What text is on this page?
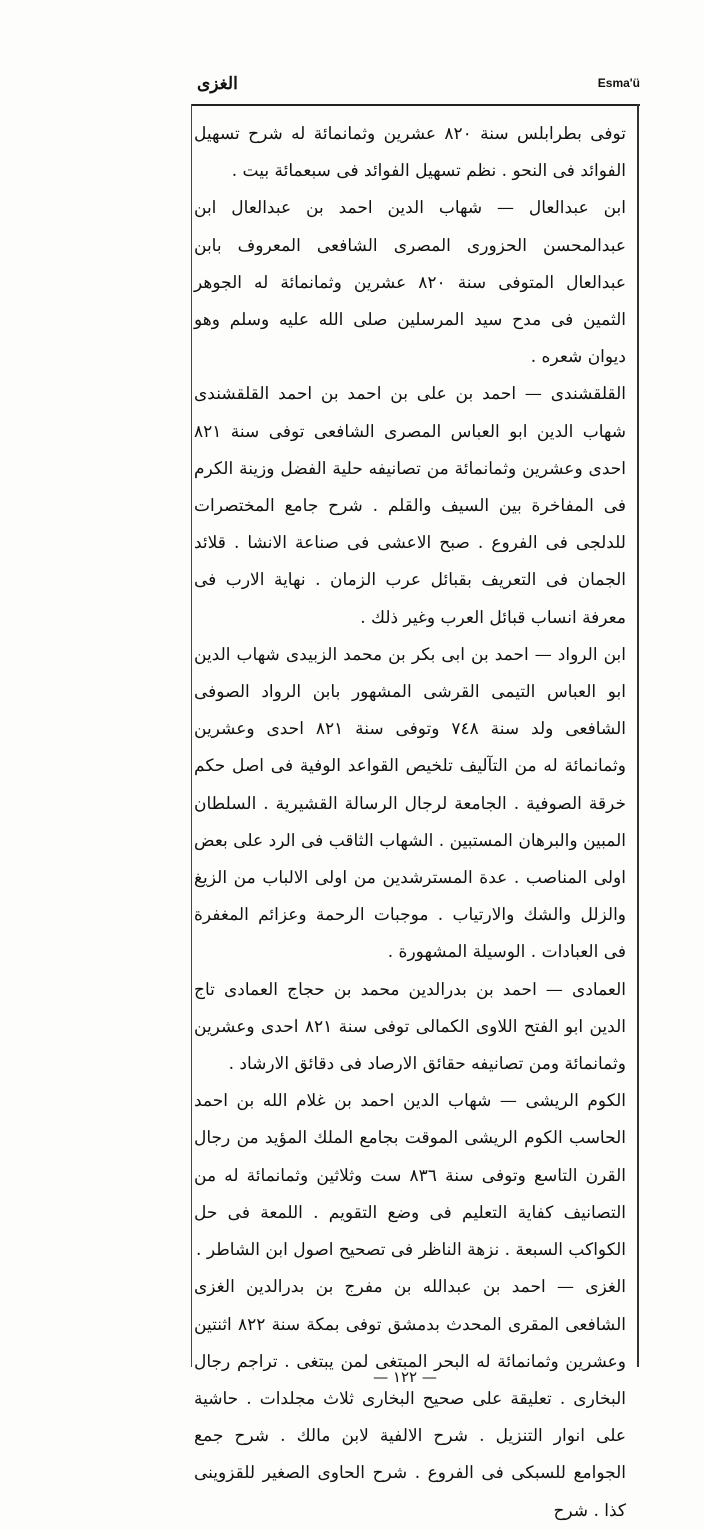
الغزى	Esma'ü

توفى بطرابلس سنة ٨٢٠ عشرين وثمانمائة له شرح تسهيل الفوائد فى النحو . نظم تسهيل الفوائد فى سبعمائة بيت .

ابن عبدالعال — شهاب الدين احمد بن عبدالعال ابن عبدالمحسن الحزورى المصرى الشافعى المعروف بابن عبدالعال المتوفى سنة ٨٢٠ عشرين وثمانمائة له الجوهر الثمين فى مدح سيد المرسلين صلى الله عليه وسلم وهو ديوان شعره .

القلقشندى — احمد بن على بن احمد بن احمد القلقشندى شهاب الدين ابو العباس المصرى الشافعى توفى سنة ٨٢١ احدى وعشرين وثمانمائة من تصانيفه حلية الفضل وزينة الكرم فى المفاخرة بين السيف والقلم . شرح جامع المختصرات للدلجى فى الفروع . صبح الاعشى فى صناعة الانشا . قلائد الجمان فى التعريف بقبائل عرب الزمان . نهاية الارب فى معرفة انساب قبائل العرب وغير ذلك .

ابن الرواد — احمد بن ابى بكر بن محمد الزبيدى شهاب الدين ابو العباس التيمى القرشى المشهور بابن الرواد الصوفى الشافعى ولد سنة ٧٤٨ وتوفى سنة ٨٢١ احدى وعشرين وثمانمائة له من التآليف تلخيص القواعد الوفية فى اصل حكم خرقة الصوفية . الجامعة لرجال الرسالة القشيرية . السلطان المبين والبرهان المستبين . الشهاب الثاقب فى الرد على بعض اولى المناصب . عدة المسترشدين من اولى الالباب من الزيغ والزلل والشك والارتياب . موجبات الرحمة وعزائم المغفرة فى العبادات . الوسيلة المشهورة .

العمادى — احمد بن بدرالدين محمد بن حجاج العمادى تاج الدين ابو الفتح اللاوى الكمالى توفى سنة ٨٢١ احدى وعشرين وثمانمائة ومن تصانيفه حقائق الارصاد فى دقائق الارشاد .

الكوم الريشى — شهاب الدين احمد بن غلام الله بن احمد الحاسب الكوم الريشى الموقت بجامع الملك المؤيد من رجال القرن التاسع وتوفى سنة ٨٣٦ ست وثلاثين وثمانمائة له من التصانيف كفاية التعليم فى وضع التقويم . اللمعة فى حل الكواكب السبعة . نزهة الناظر فى تصحيح اصول ابن الشاطر .

الغزى — احمد بن عبدالله بن مفرج بن بدرالدين الغزى الشافعى المقرى المحدث بدمشق توفى بمكة سنة ٨٢٢ اثنتين وعشرين وثمانمائة له البحر المبتغى لمن يبتغى . تراجم رجال البخارى . تعليقة على صحيح البخارى ثلاث مجلدات . حاشية على انوار التنزيل . شرح الالفية لابن مالك . شرح جمع الجوامع للسبكى فى الفروع . شرح الحاوى الصغير للقزوينى كذا . شرح

— ١٢٢ —
